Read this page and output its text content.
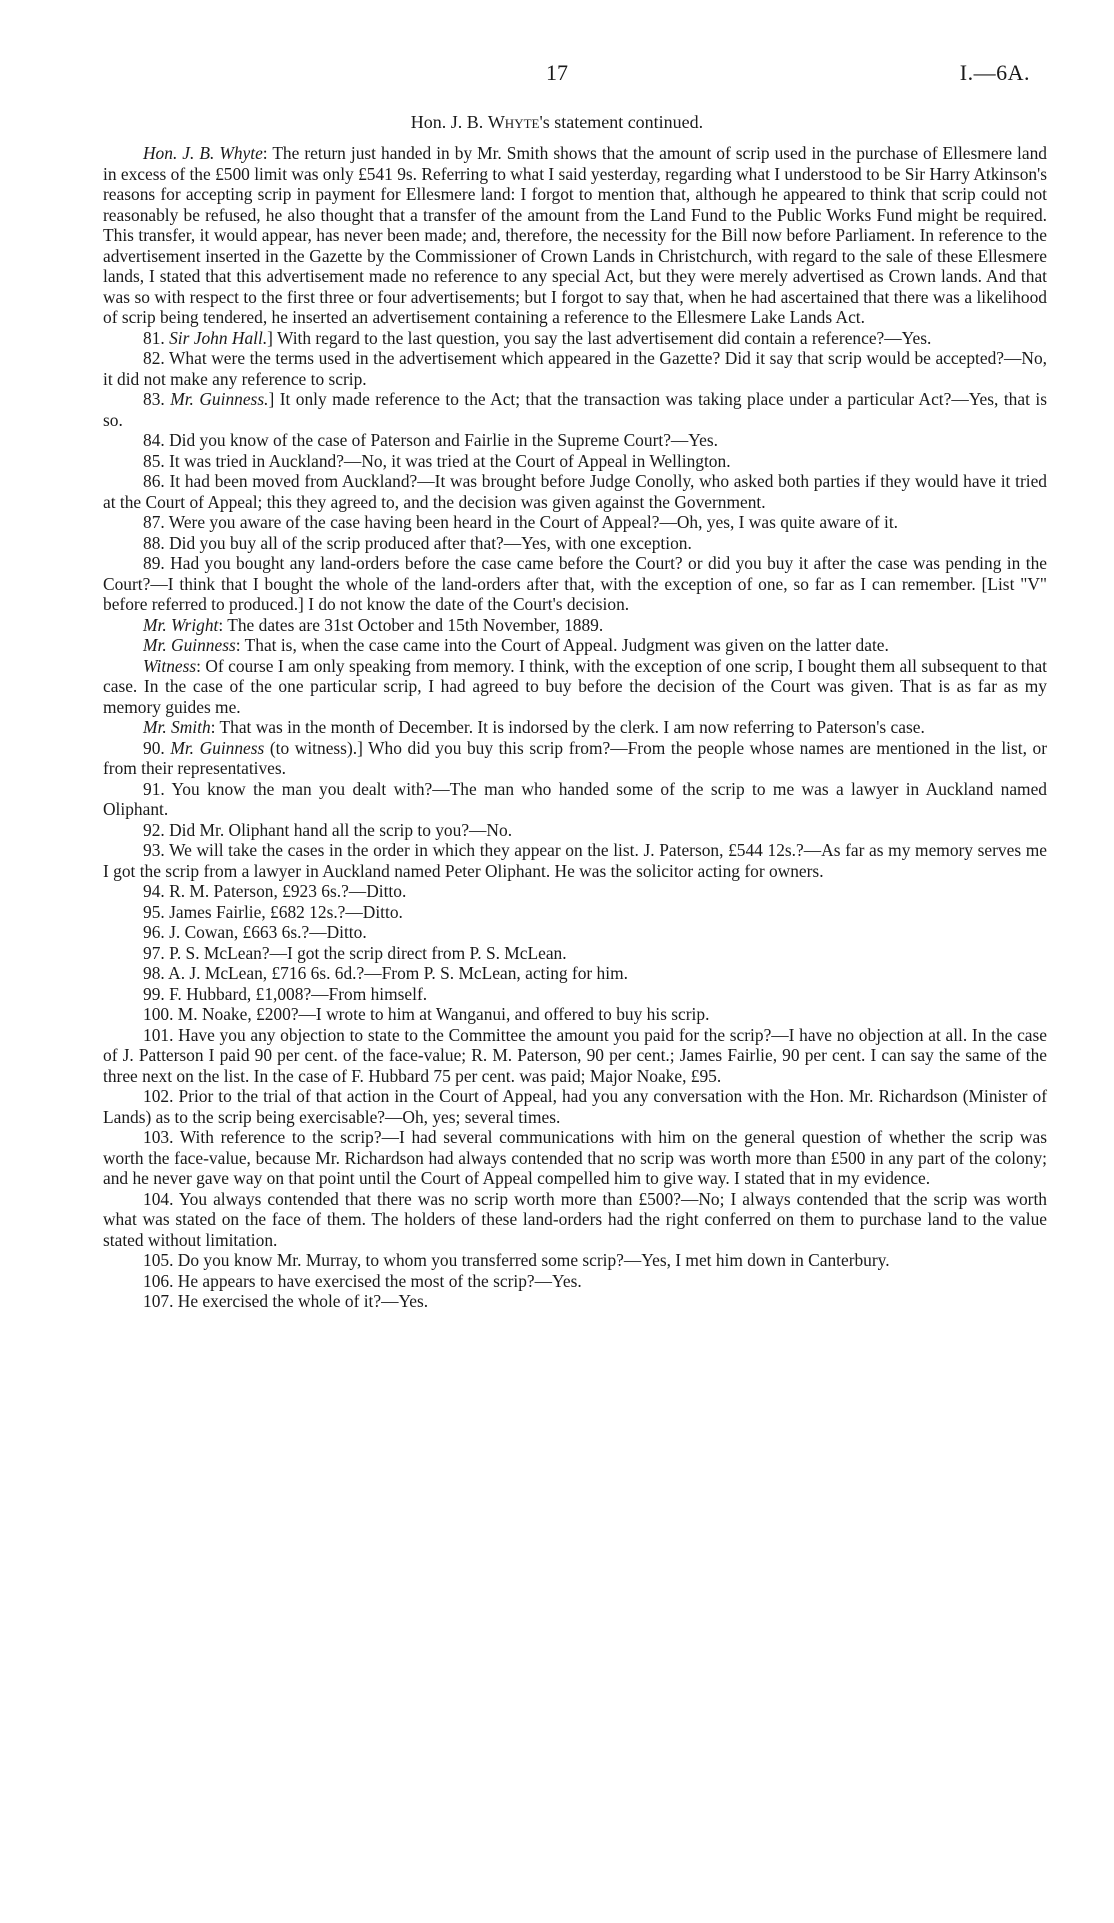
17	I.—6A.
Hon. J. B. Whyte's statement continued.

Hon. J. B. Whyte: The return just handed in by Mr. Smith shows that the amount of scrip used in the purchase of Ellesmere land in excess of the £500 limit was only £541 9s. Referring to what I said yesterday, regarding what I understood to be Sir Harry Atkinson's reasons for accepting scrip in payment for Ellesmere land: I forgot to mention that, although he appeared to think that scrip could not reasonably be refused, he also thought that a transfer of the amount from the Land Fund to the Public Works Fund might be required. This transfer, it would appear, has never been made; and, therefore, the necessity for the Bill now before Parliament. In reference to the advertisement inserted in the Gazette by the Commissioner of Crown Lands in Christchurch, with regard to the sale of these Ellesmere lands, I stated that this advertisement made no reference to any special Act, but they were merely advertised as Crown lands. And that was so with respect to the first three or four advertisements; but I forgot to say that, when he had ascertained that there was a likelihood of scrip being tendered, he inserted an advertisement containing a reference to the Ellesmere Lake Lands Act.

81. Sir John Hall.] With regard to the last question, you say the last advertisement did contain a reference?—Yes.

82. What were the terms used in the advertisement which appeared in the Gazette? Did it say that scrip would be accepted?—No, it did not make any reference to scrip.

83. Mr. Guinness.] It only made reference to the Act; that the transaction was taking place under a particular Act?—Yes, that is so.

84. Did you know of the case of Paterson and Fairlie in the Supreme Court?—Yes.

85. It was tried in Auckland?—No, it was tried at the Court of Appeal in Wellington.

86. It had been moved from Auckland?—It was brought before Judge Conolly, who asked both parties if they would have it tried at the Court of Appeal; this they agreed to, and the decision was given against the Government.

87. Were you aware of the case having been heard in the Court of Appeal?—Oh, yes, I was quite aware of it.

88. Did you buy all of the scrip produced after that?—Yes, with one exception.

89. Had you bought any land-orders before the case came before the Court? or did you buy it after the case was pending in the Court?—I think that I bought the whole of the land-orders after that, with the exception of one, so far as I can remember. [List "V" before referred to produced.] I do not know the date of the Court's decision.

Mr. Wright: The dates are 31st October and 15th November, 1889.

Mr. Guinness: That is, when the case came into the Court of Appeal. Judgment was given on the latter date.

Witness: Of course I am only speaking from memory. I think, with the exception of one scrip, I bought them all subsequent to that case. In the case of the one particular scrip, I had agreed to buy before the decision of the Court was given. That is as far as my memory guides me.

Mr. Smith: That was in the month of December. It is indorsed by the clerk. I am now referring to Paterson's case.

90. Mr. Guinness (to witness).] Who did you buy this scrip from?—From the people whose names are mentioned in the list, or from their representatives.

91. You know the man you dealt with?—The man who handed some of the scrip to me was a lawyer in Auckland named Oliphant.

92. Did Mr. Oliphant hand all the scrip to you?—No.

93. We will take the cases in the order in which they appear on the list. J. Paterson, £544 12s.?—As far as my memory serves me I got the scrip from a lawyer in Auckland named Peter Oliphant. He was the solicitor acting for owners.

94. R. M. Paterson, £923 6s.?—Ditto.

95. James Fairlie, £682 12s.?—Ditto.

96. J. Cowan, £663 6s.?—Ditto.

97. P. S. McLean?—I got the scrip direct from P. S. McLean.

98. A. J. McLean, £716 6s. 6d.?—From P. S. McLean, acting for him.

99. F. Hubbard, £1,008?—From himself.

100. M. Noake, £200?—I wrote to him at Wanganui, and offered to buy his scrip.

101. Have you any objection to state to the Committee the amount you paid for the scrip?—I have no objection at all. In the case of J. Patterson I paid 90 per cent. of the face-value; R. M. Paterson, 90 per cent.; James Fairlie, 90 per cent. I can say the same of the three next on the list. In the case of F. Hubbard 75 per cent. was paid; Major Noake, £95.

102. Prior to the trial of that action in the Court of Appeal, had you any conversation with the Hon. Mr. Richardson (Minister of Lands) as to the scrip being exercisable?—Oh, yes; several times.

103. With reference to the scrip?—I had several communications with him on the general question of whether the scrip was worth the face-value, because Mr. Richardson had always contended that no scrip was worth more than £500 in any part of the colony; and he never gave way on that point until the Court of Appeal compelled him to give way. I stated that in my evidence.

104. You always contended that there was no scrip worth more than £500?—No; I always contended that the scrip was worth what was stated on the face of them. The holders of these land-orders had the right conferred on them to purchase land to the value stated without limitation.

105. Do you know Mr. Murray, to whom you transferred some scrip?—Yes, I met him down in Canterbury.

106. He appears to have exercised the most of the scrip?—Yes.

107. He exercised the whole of it?—Yes.
